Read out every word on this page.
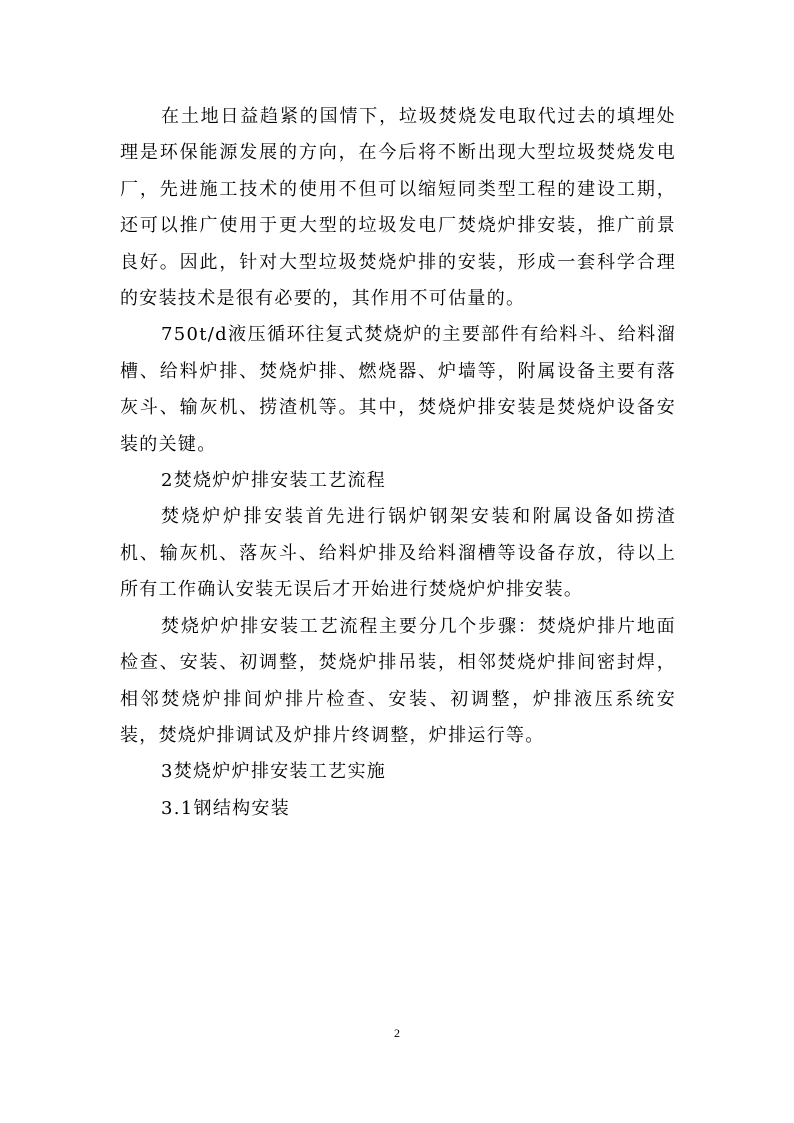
在土地日益趋紧的国情下，垃圾焚烧发电取代过去的填埋处理是环保能源发展的方向，在今后将不断出现大型垃圾焚烧发电厂，先进施工技术的使用不但可以缩短同类型工程的建设工期，还可以推广使用于更大型的垃圾发电厂焚烧炉排安装，推广前景良好。因此，针对大型垃圾焚烧炉排的安装，形成一套科学合理的安装技术是很有必要的，其作用不可估量的。

750t/d液压循环往复式焚烧炉的主要部件有给料斗、给料溜槽、给料炉排、焚烧炉排、燃烧器、炉墙等，附属设备主要有落灰斗、输灰机、捞渣机等。其中，焚烧炉排安装是焚烧炉设备安装的关键。

2焚烧炉炉排安装工艺流程

焚烧炉炉排安装首先进行锅炉钢架安装和附属设备如捞渣机、输灰机、落灰斗、给料炉排及给料溜槽等设备存放，待以上所有工作确认安装无误后才开始进行焚烧炉炉排安装。

焚烧炉炉排安装工艺流程主要分几个步骤：焚烧炉排片地面检查、安装、初调整，焚烧炉排吊装，相邻焚烧炉排间密封焊，相邻焚烧炉排间炉排片检查、安装、初调整，炉排液压系统安装，焚烧炉排调试及炉排片终调整，炉排运行等。

3焚烧炉炉排安装工艺实施

3.1钢结构安装

2
